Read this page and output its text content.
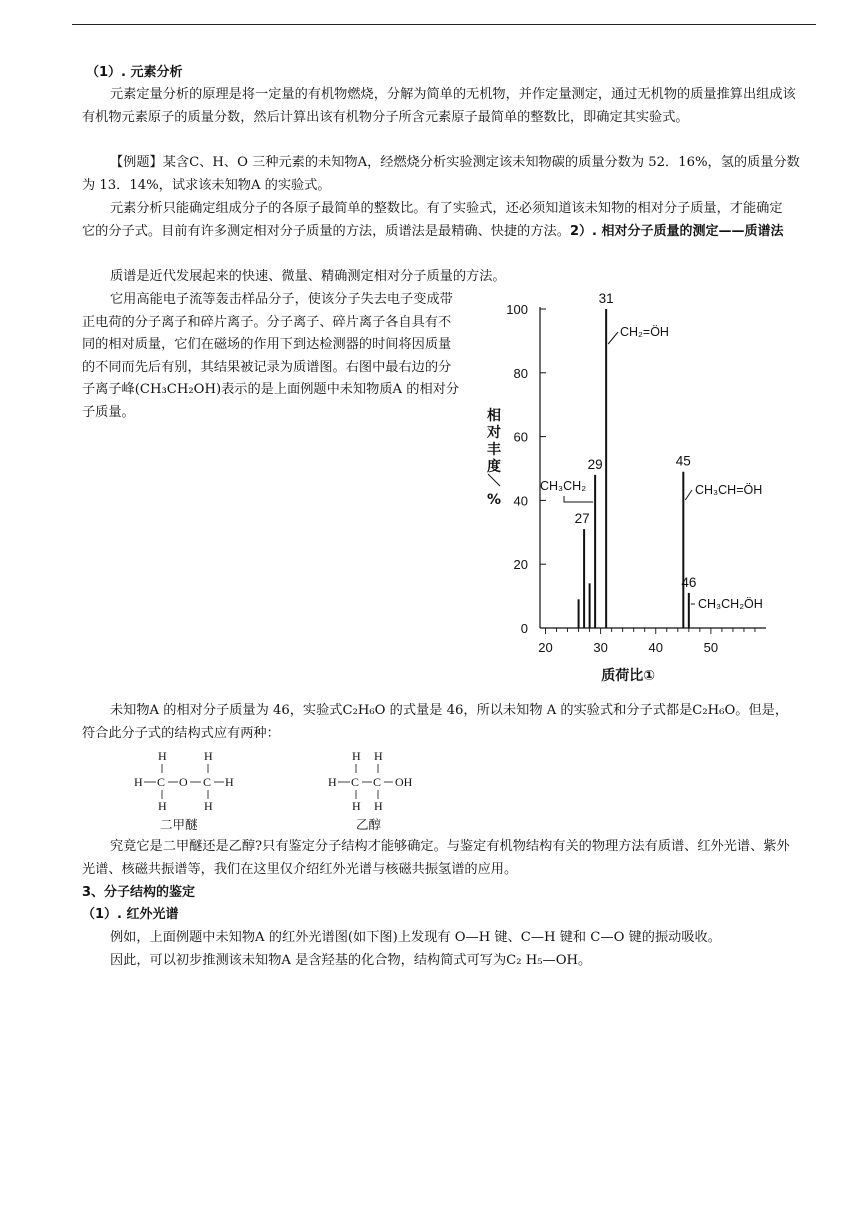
（1）. 元素分析

元素定量分析的原理是将一定量的有机物燃烧，分解为简单的无机物，并作定量测定，通过无机物的质量推算出组成该有机物元素原子的质量分数，然后计算出该有机物分子所含元素原子最简单的整数比，即确定其实验式。

【例题】某含C、H、O 三种元素的未知物A，经燃烧分析实验测定该未知物碳的质量分数为 52．16%，氢的质量分数为 13．14%，试求该未知物A 的实验式。

元素分析只能确定组成分子的各原子最简单的整数比。有了实验式，还必须知道该未知物的相对分子质量，才能确定它的分子式。目前有许多测定相对分子质量的方法，质谱法是最精确、快捷的方法。2）. 相对分子质量的测定——质谱法

质谱是近代发展起来的快速、微量、精确测定相对分子质量的方法。

它用高能电子流等轰击样品分子，使该分子失去电子变成带正电荷的分子离子和碎片离子。分子离子、碎片离子各自具有不同的相对质量，它们在磁场的作用下到达检测器的时间将因质量的不同而先后有别，其结果被记录为质谱图。右图中最右边的分子离子峰(CH₃CH₂OH)表示的是上面例题中未知物质A 的相对分子质量。

0
20
40
60
80
100
20	30	40	50
相
对
丰
度
%
质荷比①
27
29
31
45
46
CH₂=ÖH
CH₃CH₂	CH₃CH=ÖH
CH₃CH₂ÖH

未知物A 的相对分子质量为 46，实验式C₂H₆O 的式量是 46，所以未知物 A 的实验式和分子式都是C₂H₆O。但是，符合此分子式的结构式应有两种：

H	H
H C O C H
H	H
二甲醚
H H
H C C OH
H H
乙醇

究竟它是二甲醚还是乙醇?只有鉴定分子结构才能够确定。与鉴定有机物结构有关的物理方法有质谱、红外光谱、紫外光谱、核磁共振谱等，我们在这里仅介绍红外光谱与核磁共振氢谱的应用。

3、分子结构的鉴定
（1）. 红外光谱

例如，上面例题中未知物A 的红外光谱图(如下图)上发现有 O—H 键、C—H 键和 C—O 键的振动吸收。

因此，可以初步推测该未知物A 是含羟基的化合物，结构简式可写为C₂ H₅—OH。
